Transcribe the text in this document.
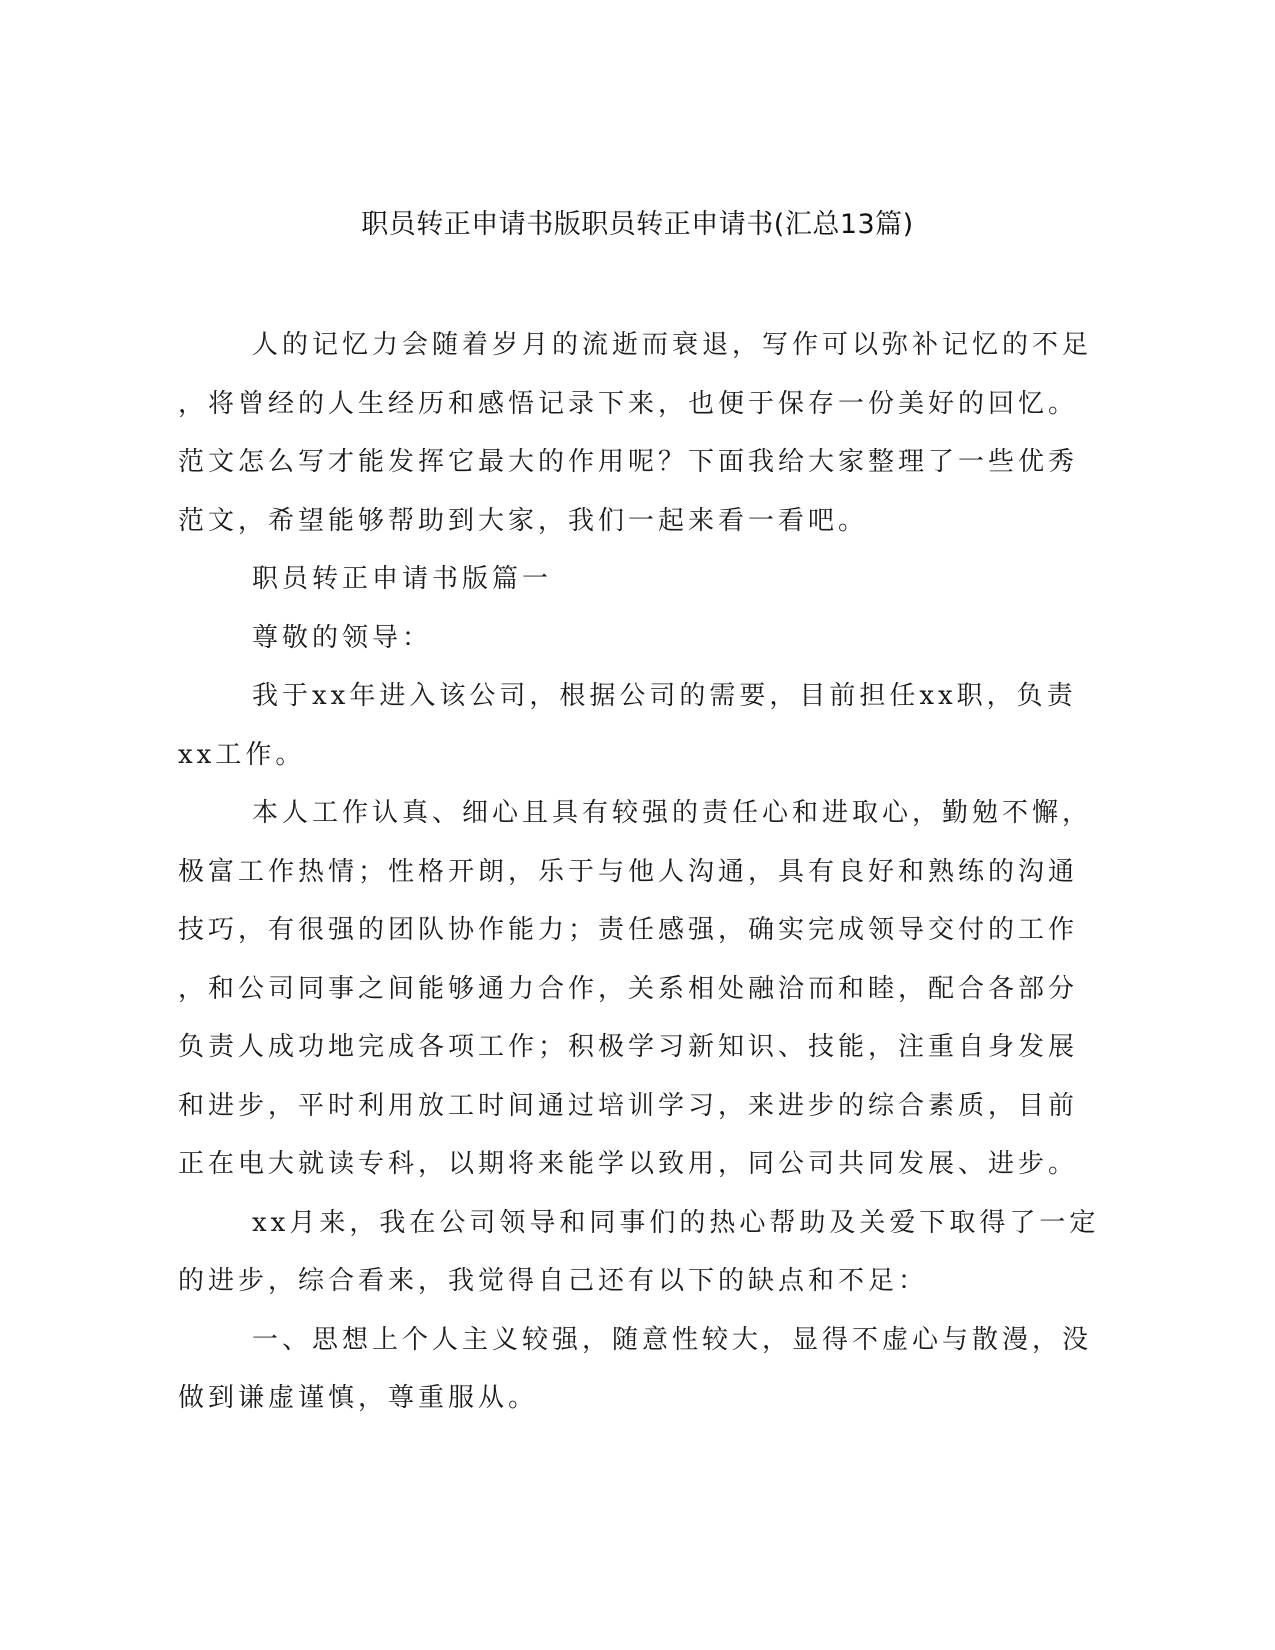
职员转正申请书版职员转正申请书(汇总13篇)
人的记忆力会随着岁月的流逝而衰退，写作可以弥补记忆的不足
，将曾经的人生经历和感悟记录下来，也便于保存一份美好的回忆。
范文怎么写才能发挥它最大的作用呢？下面我给大家整理了一些优秀
范文，希望能够帮助到大家，我们一起来看一看吧。
职员转正申请书版篇一
尊敬的领导：
我于xx年进入该公司，根据公司的需要，目前担任xx职，负责
xx工作。
本人工作认真、细心且具有较强的责任心和进取心，勤勉不懈，
极富工作热情；性格开朗，乐于与他人沟通，具有良好和熟练的沟通
技巧，有很强的团队协作能力；责任感强，确实完成领导交付的工作
，和公司同事之间能够通力合作，关系相处融洽而和睦，配合各部分
负责人成功地完成各项工作；积极学习新知识、技能，注重自身发展
和进步，平时利用放工时间通过培训学习，来进步的综合素质，目前
正在电大就读专科，以期将来能学以致用，同公司共同发展、进步。
xx月来，我在公司领导和同事们的热心帮助及关爱下取得了一定
的进步，综合看来，我觉得自己还有以下的缺点和不足：
一、思想上个人主义较强，随意性较大，显得不虚心与散漫，没
做到谦虚谨慎，尊重服从。
